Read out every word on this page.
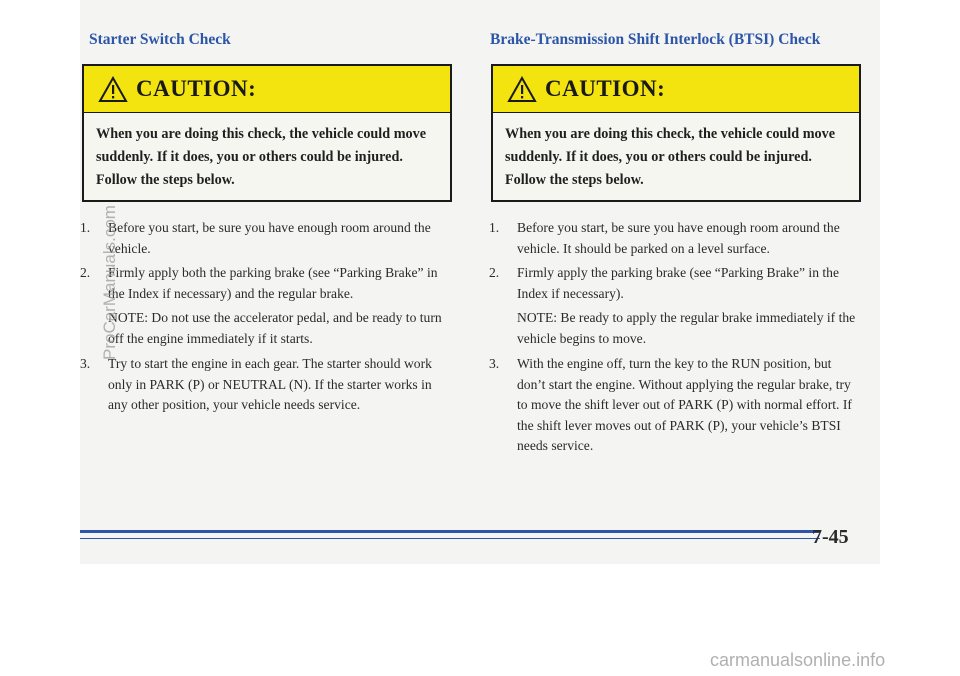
Starter Switch Check
CAUTION:
When you are doing this check, the vehicle could move suddenly. If it does, you or others could be injured. Follow the steps below.
1. Before you start, be sure you have enough room around the vehicle.
2. Firmly apply both the parking brake (see “Parking Brake” in the Index if necessary) and the regular brake.
NOTE: Do not use the accelerator pedal, and be ready to turn off the engine immediately if it starts.
3. Try to start the engine in each gear. The starter should work only in PARK (P) or NEUTRAL (N). If the starter works in any other position, your vehicle needs service.
Brake-Transmission Shift Interlock (BTSI) Check
CAUTION:
When you are doing this check, the vehicle could move suddenly. If it does, you or others could be injured. Follow the steps below.
1. Before you start, be sure you have enough room around the vehicle. It should be parked on a level surface.
2. Firmly apply the parking brake (see “Parking Brake” in the Index if necessary).
NOTE: Be ready to apply the regular brake immediately if the vehicle begins to move.
3. With the engine off, turn the key to the RUN position, but don’t start the engine. Without applying the regular brake, try to move the shift lever out of PARK (P) with normal effort. If the shift lever moves out of PARK (P), your vehicle’s BTSI needs service.
7-45
ProCarManuals.com
carmanualsonline.info
